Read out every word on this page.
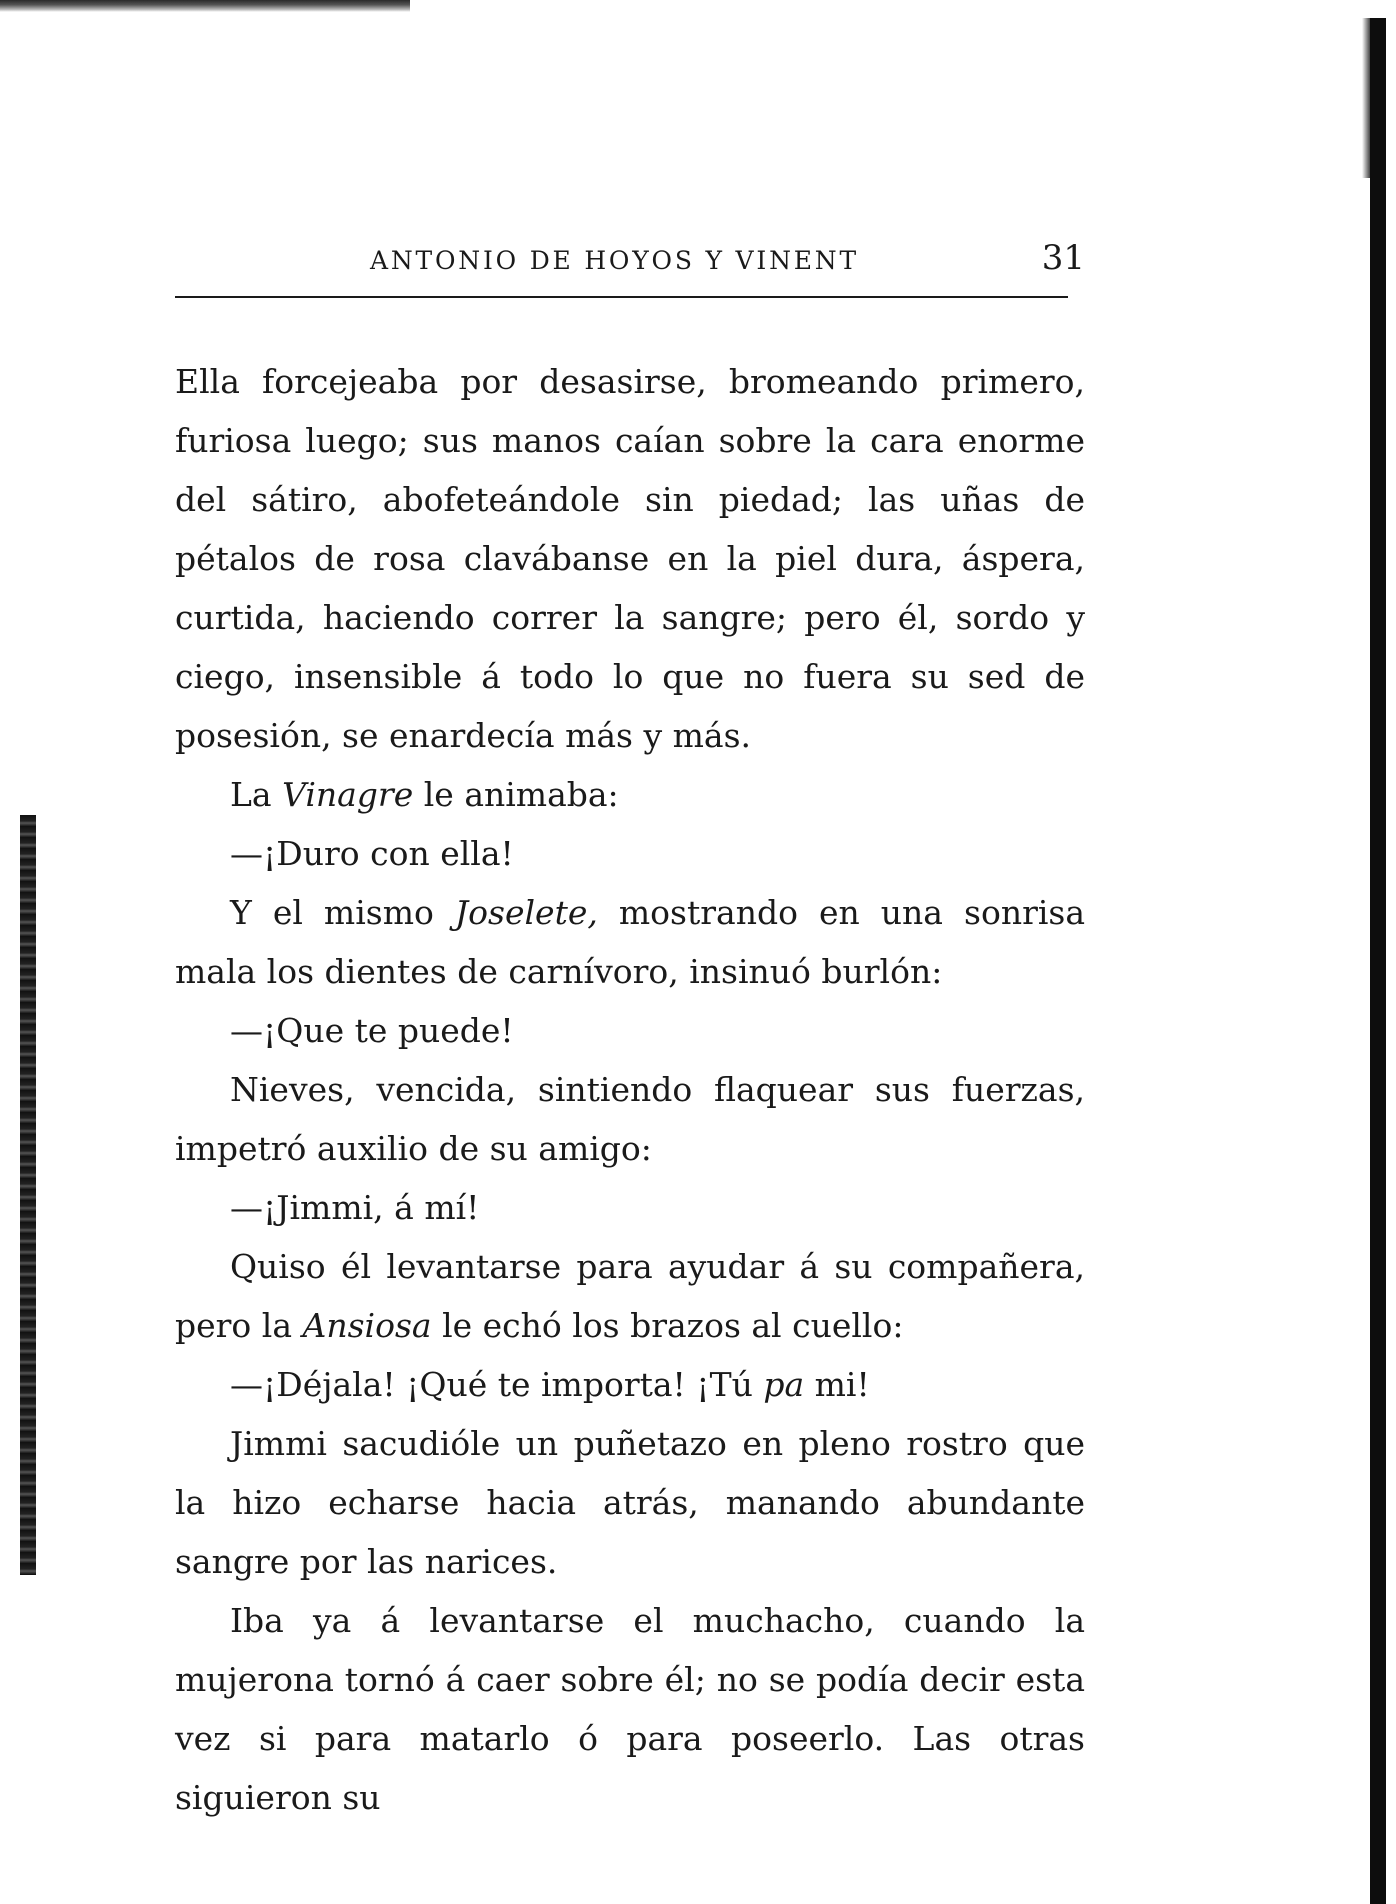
ANTONIO DE HOYOS Y VINENT	31

Ella forcejeaba por desasirse, bromeando primero, furiosa luego; sus manos caían sobre la cara enorme del sátiro, abofeteándole sin piedad; las uñas de pétalos de rosa clavábanse en la piel dura, áspera, curtida, haciendo correr la sangre; pero él, sordo y ciego, insensible á todo lo que no fuera su sed de posesión, se enardecía más y más.

La Vinagre le animaba:

—¡Duro con ella!

Y el mismo Joselete, mostrando en una sonrisa mala los dientes de carnívoro, insinuó burlón:

—¡Que te puede!

Nieves, vencida, sintiendo flaquear sus fuerzas, impetró auxilio de su amigo:

—¡Jimmi, á mí!

Quiso él levantarse para ayudar á su compañera, pero la Ansiosa le echó los brazos al cuello:

—¡Déjala! ¡Qué te importa! ¡Tú pa mi!

Jimmi sacudióle un puñetazo en pleno rostro que la hizo echarse hacia atrás, manando abundante sangre por las narices.

Iba ya á levantarse el muchacho, cuando la mujerona tornó á caer sobre él; no se podía decir esta vez si para matarlo ó para poseerlo. Las otras siguieron su
